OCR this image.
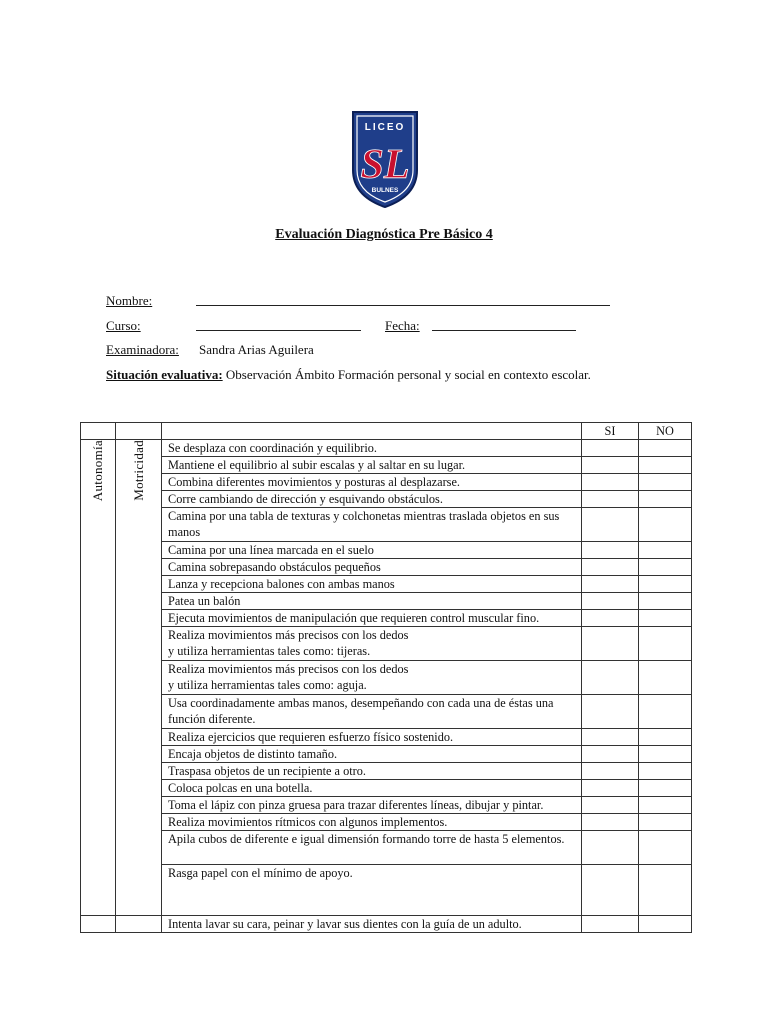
LICEO
SL
BULNES
Evaluación Diagnóstica Pre Básico 4
Nombre:
Curso:	Fecha:
Examinadora: Sandra Arias Aguilera
Situación evaluativa: Observación Ámbito Formación personal y social en contexto escolar.
			SI	NO
Autonomía	Motricidad	Se desplaza con coordinación y equilibrio.		
		Mantiene el equilibrio al subir escalas y al saltar en su lugar.		
		Combina diferentes movimientos y posturas al desplazarse.		
		Corre cambiando de dirección y esquivando obstáculos.		
		Camina por una tabla de texturas y colchonetas mientras traslada objetos en sus manos		
		Camina por una línea marcada en el suelo		
		Camina sobrepasando obstáculos pequeños		
		Lanza y recepciona balones con ambas manos		
		Patea un balón		
		Ejecuta movimientos de manipulación que requieren control muscular fino.		
		Realiza movimientos más precisos con los dedos
y utiliza herramientas tales como: tijeras.		
		Realiza movimientos más precisos con los dedos
y utiliza herramientas tales como: aguja.		
		Usa coordinadamente ambas manos, desempeñando con cada una de éstas una función diferente.		
		Realiza ejercicios que requieren esfuerzo físico sostenido.		
		Encaja objetos de distinto tamaño.		
		Traspasa objetos de un recipiente a otro.		
		Coloca polcas en una botella.		
		Toma el lápiz con pinza gruesa para trazar diferentes líneas, dibujar y pintar.		
		Realiza movimientos rítmicos con algunos implementos.		
		Apila cubos de diferente e igual dimensión formando torre de hasta 5 elementos.		
		Rasga papel con el mínimo de apoyo.		
		Intenta lavar su cara, peinar y lavar sus dientes con la guía de un adulto.		
